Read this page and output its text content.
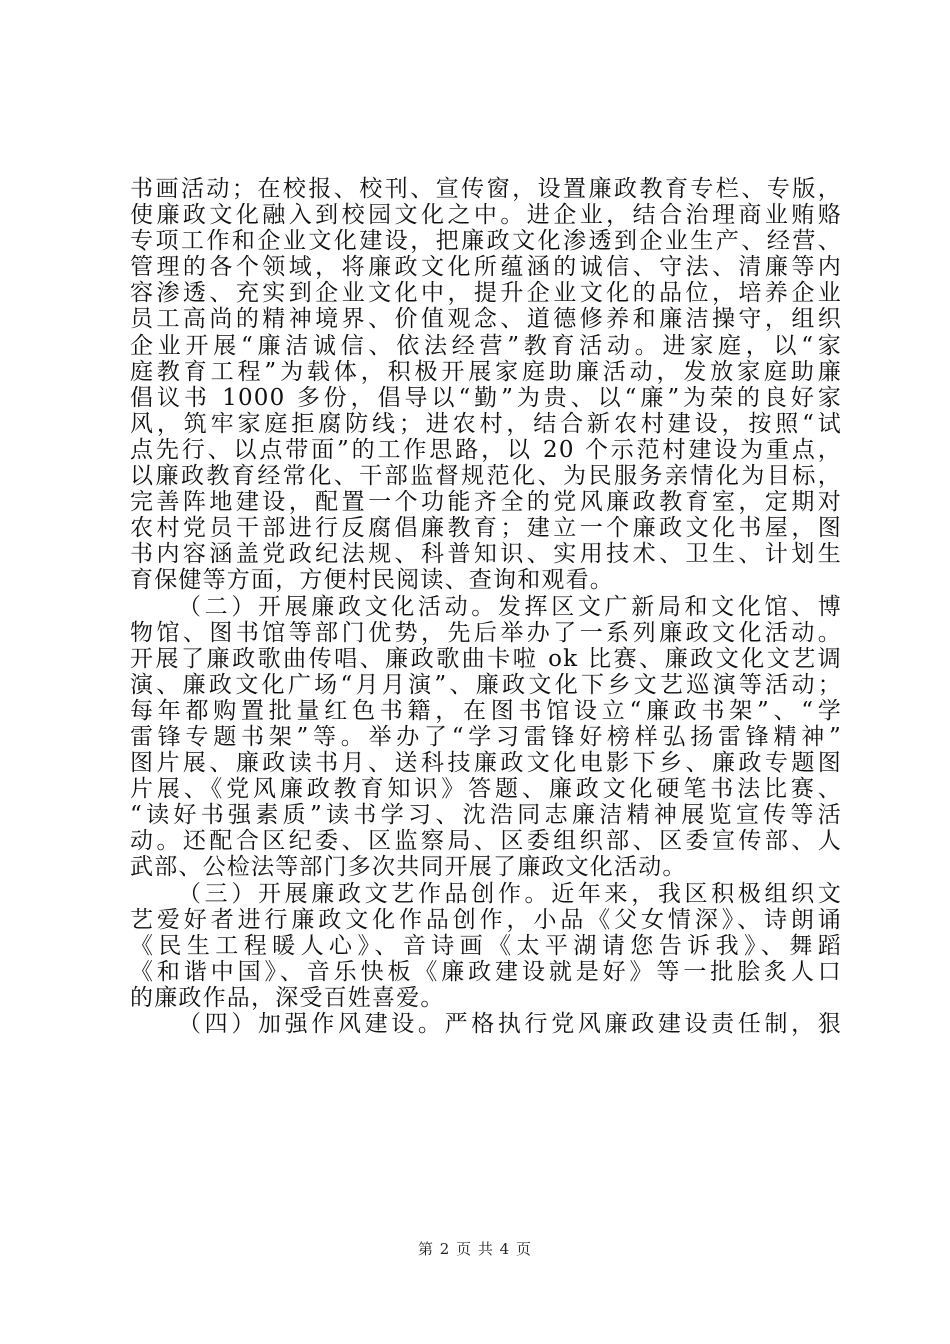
书画活动；在校报、校刊、宣传窗，设置廉政教育专栏、专版，
使廉政文化融入到校园文化之中。进企业，结合治理商业贿赂
专项工作和企业文化建设，把廉政文化渗透到企业生产、经营、
管理的各个领域，将廉政文化所蕴涵的诚信、守法、清廉等内
容渗透、充实到企业文化中，提升企业文化的品位，培养企业
员工高尚的精神境界、价值观念、道德修养和廉洁操守，组织
企业开展“廉洁诚信、依法经营”教育活动。进家庭，以“家
庭教育工程”为载体，积极开展家庭助廉活动，发放家庭助廉
倡议书 1000 多份，倡导以“勤”为贵、以“廉”为荣的良好家
风，筑牢家庭拒腐防线；进农村，结合新农村建设，按照“试
点先行、以点带面”的工作思路，以 20 个示范村建设为重点，
以廉政教育经常化、干部监督规范化、为民服务亲情化为目标，
完善阵地建设，配置一个功能齐全的党风廉政教育室，定期对
农村党员干部进行反腐倡廉教育；建立一个廉政文化书屋，图
书内容涵盖党政纪法规、科普知识、实用技术、卫生、计划生
育保健等方面，方便村民阅读、查询和观看。
（二）开展廉政文化活动。发挥区文广新局和文化馆、博
物馆、图书馆等部门优势，先后举办了一系列廉政文化活动。
开展了廉政歌曲传唱、廉政歌曲卡啦 ok 比赛、廉政文化文艺调
演、廉政文化广场“月月演”、廉政文化下乡文艺巡演等活动；
每年都购置批量红色书籍，在图书馆设立“廉政书架”、“学
雷锋专题书架”等。举办了“学习雷锋好榜样弘扬雷锋精神”
图片展、廉政读书月、送科技廉政文化电影下乡、廉政专题图
片展、《党风廉政教育知识》答题、廉政文化硬笔书法比赛、
“读好书强素质”读书学习、沈浩同志廉洁精神展览宣传等活
动。还配合区纪委、区监察局、区委组织部、区委宣传部、人
武部、公检法等部门多次共同开展了廉政文化活动。
（三）开展廉政文艺作品创作。近年来，我区积极组织文
艺爱好者进行廉政文化作品创作，小品《父女情深》、诗朗诵
《民生工程暖人心》、音诗画《太平湖请您告诉我》、舞蹈
《和谐中国》、音乐快板《廉政建设就是好》等一批脍炙人口
的廉政作品，深受百姓喜爱。
（四）加强作风建设。严格执行党风廉政建设责任制，狠
第 2 页 共 4 页
